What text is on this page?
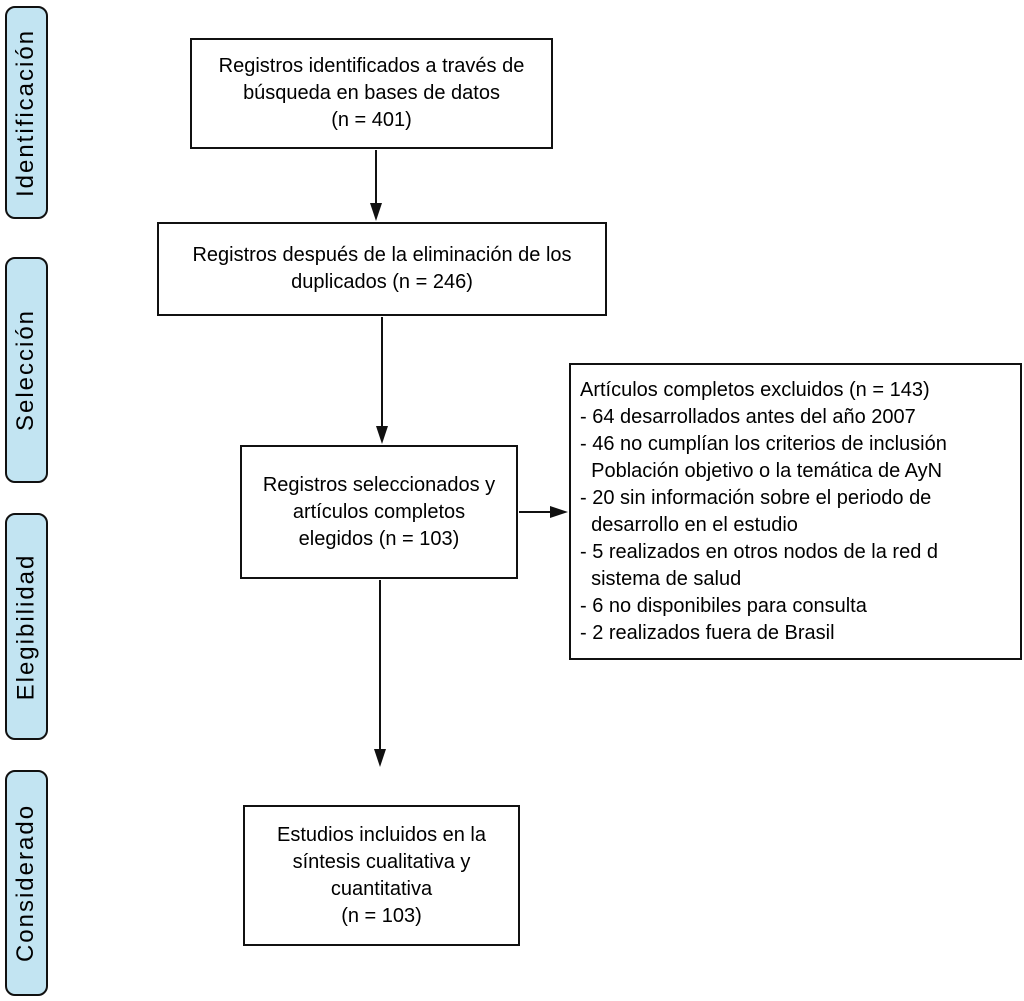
Identificación
Selección
Elegibilidad
Considerado
Registros identificados a través de
búsqueda en bases de datos
(n = 401)
Registros después de la eliminación de los
duplicados (n = 246)
Registros seleccionados y
artículos completos
elegidos (n = 103)
Artículos completos excluidos (n = 143)
- 64 desarrollados antes del año 2007
- 46 no cumplían los criterios de inclusión
Población objetivo o la temática de AyN
- 20 sin información sobre el periodo de
desarrollo en el estudio
- 5 realizados en otros nodos de la red d
sistema de salud
- 6 no disponibiles para consulta
- 2 realizados fuera de Brasil
Estudios incluidos en la
síntesis cualitativa y
cuantitativa
(n = 103)
